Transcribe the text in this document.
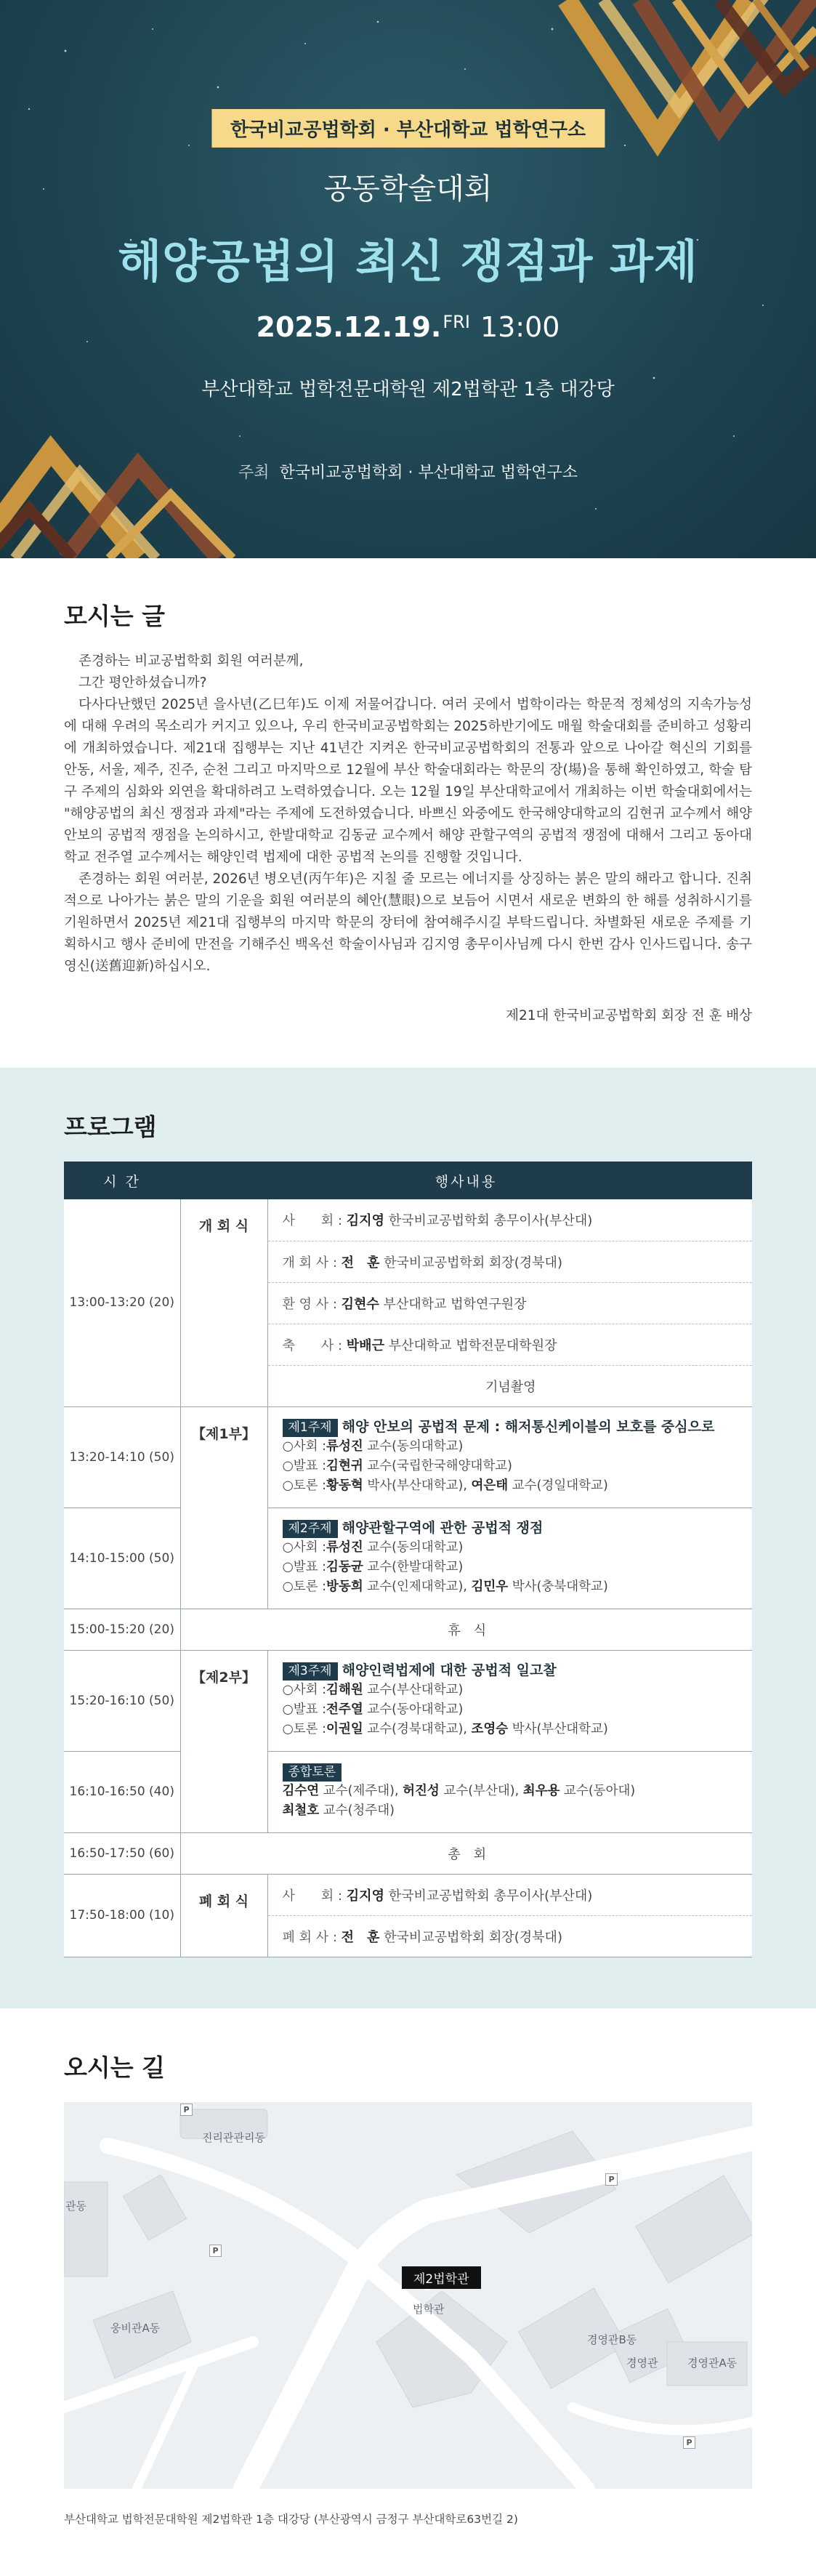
한국비교공법학회 · 부산대학교 법학연구소
공동학술대회
해양공법의 최신 쟁점과 과제
2025.12.19.$^{FRI}$ 13:00
부산대학교 법학전문대학원 제2법학관 1층 대강당
주최 한국비교공법학회 · 부산대학교 법학연구소
모시는 글
존경하는 비교공법학회 회원 여러분께,
그간 평안하셨습니까?

다사다난했던 2025년 을사년(乙巳年)도 이제 저물어갑니다. 여러 곳에서 법학이라는 학문적 정체성의 지속가능성에 대해 우려의 목소리가 커지고 있으나, 우리 한국비교공법학회는 2025하반기에도 매월 학술대회를 준비하고 성황리에 개최하였습니다. 제21대 집행부는 지난 41년간 지켜온 한국비교공법학회의 전통과 앞으로 나아갈 혁신의 기회를 안동, 서울, 제주, 진주, 순천 그리고 마지막으로 12월에 부산 학술대회라는 학문의 장(場)을 통해 확인하였고, 학술 탐구 주제의 심화와 외연을 확대하려고 노력하였습니다. 오는 12월 19일 부산대학교에서 개최하는 이번 학술대회에서는 "해양공법의 최신 쟁점과 과제"라는 주제에 도전하였습니다. 바쁘신 와중에도 한국해양대학교의 김현귀 교수께서 해양안보의 공법적 쟁점을 논의하시고, 한발대학교 김동균 교수께서 해양 관할구역의 공법적 쟁점에 대해서 그리고 동아대학교 전주열 교수께서는 해양인력 법제에 대한 공법적 논의를 진행할 것입니다.

존경하는 회원 여러분, 2026년 병오년(丙午年)은 지칠 줄 모르는 에너지를 상징하는 붉은 말의 해라고 합니다. 진취적으로 나아가는 붉은 말의 기운을 회원 여러분의 혜안(慧眼)으로 보듬어 시면서 새로운 변화의 한 해를 성취하시기를 기원하면서 2025년 제21대 집행부의 마지막 학문의 장터에 참여해주시길 부탁드립니다. 차별화된 새로운 주제를 기획하시고 행사 준비에 만전을 기해주신 백옥선 학술이사님과 김지영 총무이사님께 다시 한번 감사 인사드립니다. 송구영신(送舊迎新)하십시오.

제21대 한국비교공법학회 회장 전 훈 배상
프로그램
시 간	행사내용	
13:00-13:20 (20)	개 회 식	사　　회 : 김지영 한국비교공법학회 총무이사(부산대)
		개 회 사 : 전　훈 한국비교공법학회 회장(경북대)
		환 영 사 : 김현수 부산대학교 법학연구원장
		축　　사 : 박배근 부산대학교 법학전문대학원장
		기념촬영
13:20-14:10 (50)	【제1부】	제1주제 해양 안보의 공법적 문제 : 해저통신케이블의 보호를 중심으로
○사회 :류성진 교수(동의대학교)
○발표 :김현귀 교수(국립한국해양대학교)
○토론 :황동혁 박사(부산대학교), 여은태 교수(경일대학교)

14:10-15:00 (50)		제2주제 해양관할구역에 관한 공법적 쟁점
○사회 :류성진 교수(동의대학교)
○발표 :김동균 교수(한발대학교)
○토론 :방동희 교수(인제대학교), 김민우 박사(충북대학교)

15:00-15:20 (20)	휴　식	
15:20-16:10 (50)	【제2부】	제3주제 해양인력법제에 대한 공법적 일고찰
○사회 :김해원 교수(부산대학교)
○발표 :전주열 교수(동아대학교)
○토론 :이권일 교수(경북대학교), 조영승 박사(부산대학교)

16:10-16:50 (40)		종합토론
김수연 교수(제주대), 허진성 교수(부산대), 최우용 교수(동아대)
최철호 교수(청주대)

16:50-17:50 (60)	총　회	
17:50-18:00 (10)	폐 회 식	사　　회 : 김지영 한국비교공법학회 총무이사(부산대)
		폐 회 사 : 전　훈 한국비교공법학회 회장(경북대)
오시는 길
제2법학관
진리관관리동
관동
웅비관A동
법학관
경영관B동
경영관	경영관A동
P
P
P
P
부산대학교 법학전문대학원 제2법학관 1층 대강당 (부산광역시 금정구 부산대학로63번길 2)
